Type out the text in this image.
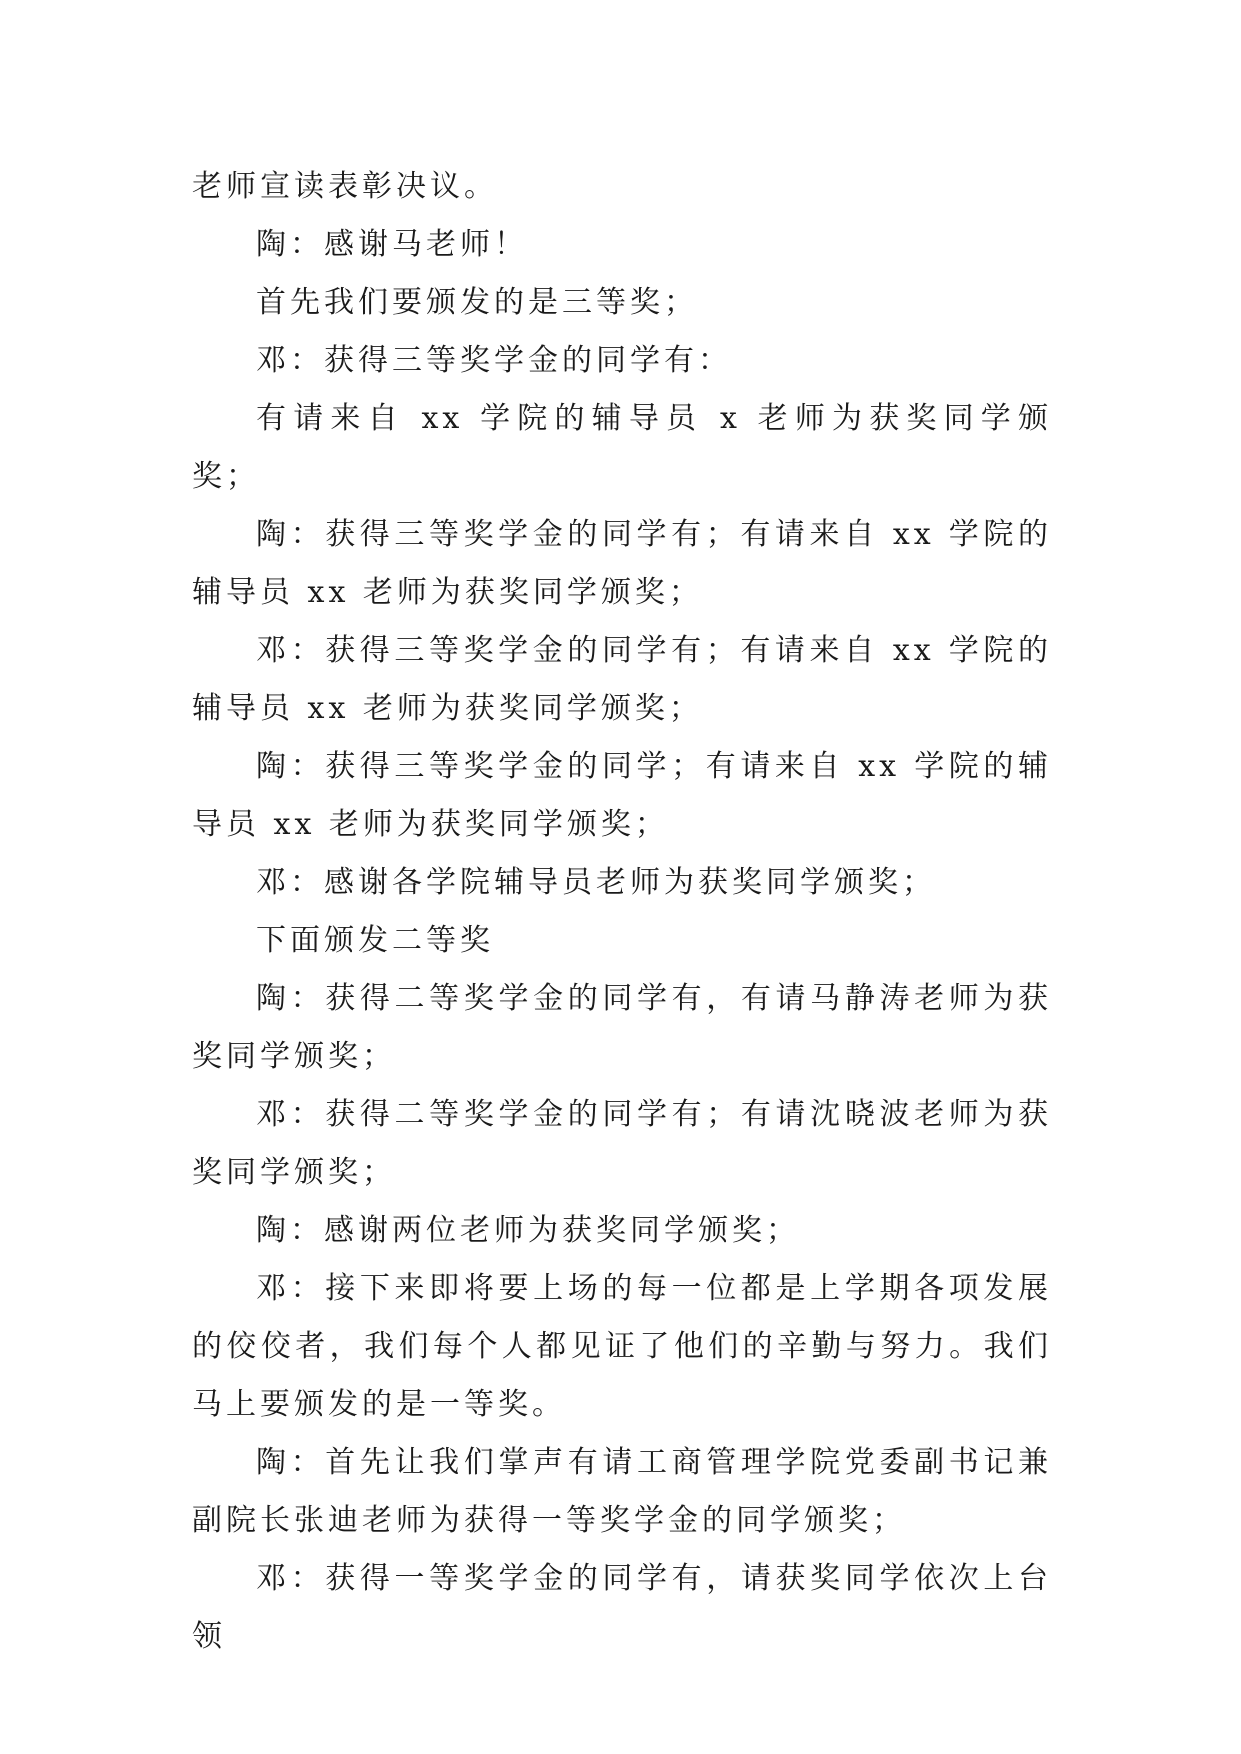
老师宣读表彰决议。

陶：感谢马老师！

首先我们要颁发的是三等奖；

邓：获得三等奖学金的同学有：

有请来自 xx 学院的辅导员 x 老师为获奖同学颁奖；

陶：获得三等奖学金的同学有；有请来自 xx 学院的辅导员 xx 老师为获奖同学颁奖；

邓：获得三等奖学金的同学有；有请来自 xx 学院的辅导员 xx 老师为获奖同学颁奖；

陶：获得三等奖学金的同学；有请来自 xx 学院的辅导员 xx 老师为获奖同学颁奖；

邓：感谢各学院辅导员老师为获奖同学颁奖；

下面颁发二等奖

陶：获得二等奖学金的同学有，有请马静涛老师为获奖同学颁奖；

邓：获得二等奖学金的同学有；有请沈晓波老师为获奖同学颁奖；

陶：感谢两位老师为获奖同学颁奖；

邓：接下来即将要上场的每一位都是上学期各项发展的佼佼者，我们每个人都见证了他们的辛勤与努力。我们马上要颁发的是一等奖。

陶：首先让我们掌声有请工商管理学院党委副书记兼副院长张迪老师为获得一等奖学金的同学颁奖；

邓：获得一等奖学金的同学有，请获奖同学依次上台领
